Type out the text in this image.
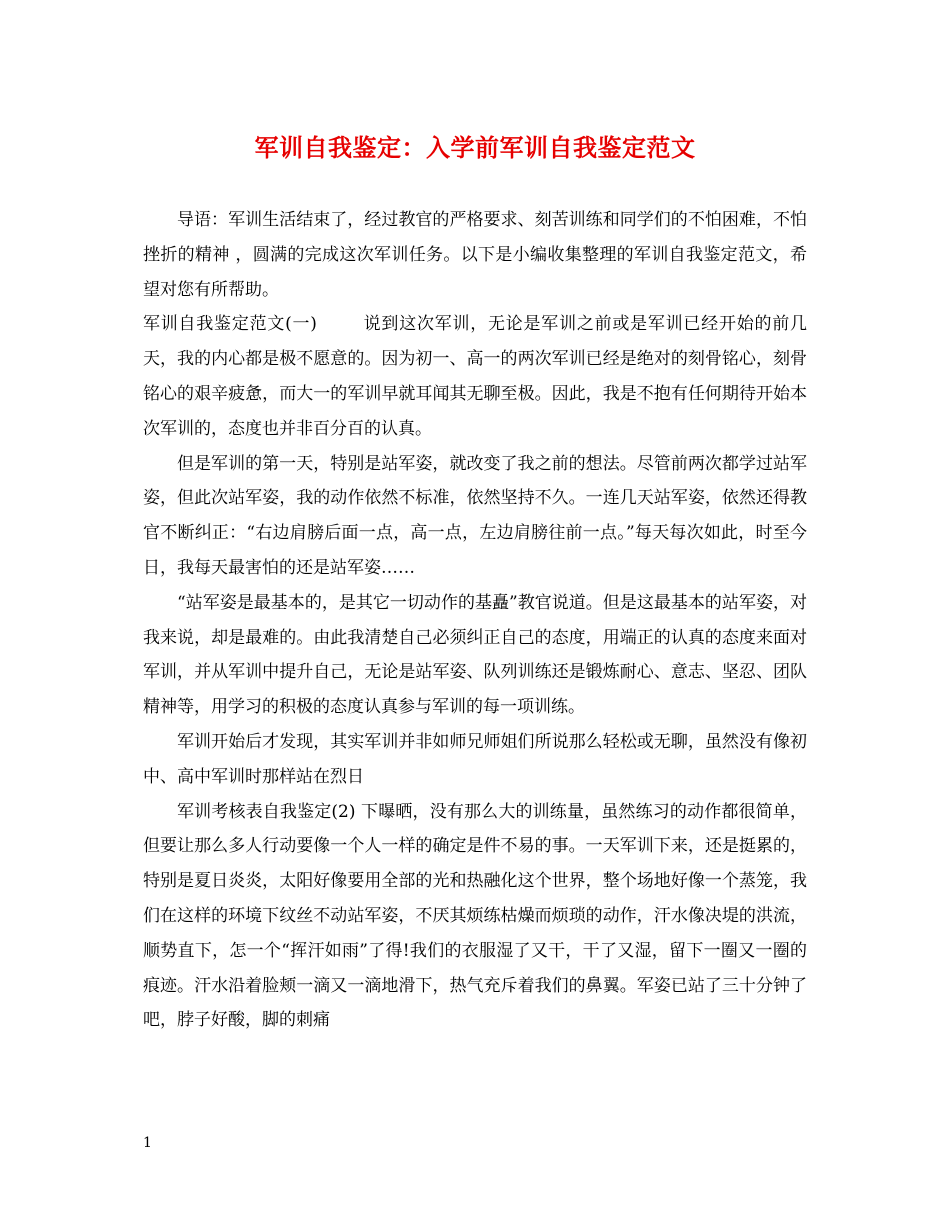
军训自我鉴定：入学前军训自我鉴定范文

导语：军训生活结束了，经过教官的严格要求、刻苦训练和同学们的不怕困难，不怕挫折的精神 ，圆满的完成这次军训任务。以下是小编收集整理的军训自我鉴定范文，希望对您有所帮助。

军训自我鉴定范文(一)	说到这次军训，无论是军训之前或是军训已经开始的前几天，我的内心都是极不愿意的。因为初一、高一的两次军训已经是绝对的刻骨铭心，刻骨铭心的艰辛疲惫，而大一的军训早就耳闻其无聊至极。因此，我是不抱有任何期待开始本次军训的，态度也并非百分百的认真。

但是军训的第一天，特别是站军姿，就改变了我之前的想法。尽管前两次都学过站军姿，但此次站军姿，我的动作依然不标准，依然坚持不久。一连几天站军姿，依然还得教官不断纠正：“右边肩膀后面一点，高一点，左边肩膀往前一点。”每天每次如此，时至今日，我每天最害怕的还是站军姿……

“站军姿是最基本的，是其它一切动作的基矗”教官说道。但是这最基本的站军姿，对我来说，却是最难的。由此我清楚自己必须纠正自己的态度，用端正的认真的态度来面对军训，并从军训中提升自己，无论是站军姿、队列训练还是锻炼耐心、意志、坚忍、团队精神等，用学习的积极的态度认真参与军训的每一项训练。

军训开始后才发现，其实军训并非如师兄师姐们所说那么轻松或无聊，虽然没有像初中、高中军训时那样站在烈日

军训考核表自我鉴定(2) 下曝晒，没有那么大的训练量，虽然练习的动作都很简单，但要让那么多人行动要像一个人一样的确定是件不易的事。一天军训下来，还是挺累的，特别是夏日炎炎，太阳好像要用全部的光和热融化这个世界，整个场地好像一个蒸笼，我们在这样的环境下纹丝不动站军姿，不厌其烦练枯燥而烦琐的动作，汗水像决堤的洪流，顺势直下，怎一个“挥汗如雨”了得!我们的衣服湿了又干，干了又湿，留下一圈又一圈的痕迹。汗水沿着脸颊一滴又一滴地滑下，热气充斥着我们的鼻翼。军姿已站了三十分钟了吧，脖子好酸，脚的刺痛

1
